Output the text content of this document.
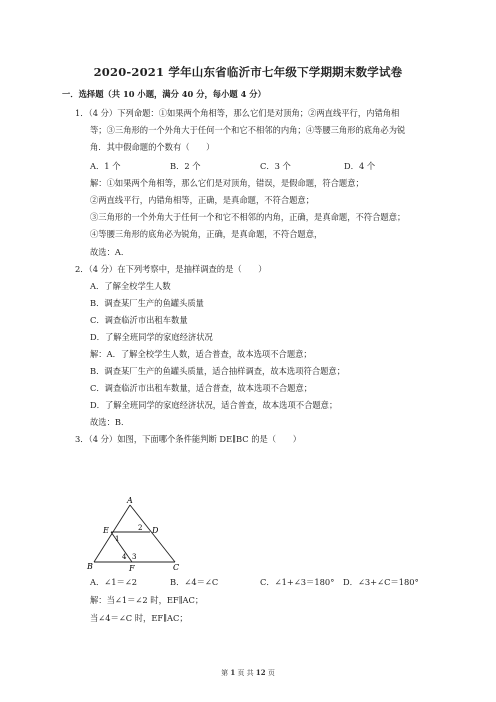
2020-2021 学年山东省临沂市七年级下学期期末数学试卷
一．选择题（共 10 小题，满分 40 分，每小题 4 分）
1．（4 分）下列命题：①如果两个角相等，那么它们是对顶角；②两直线平行，内错角相
等；③三角形的一个外角大于任何一个和它不相邻的内角；④等腰三角形的底角必为锐
角．其中假命题的个数有（　　）
A．1 个	B．2 个	C．3 个	D．4 个
解：①如果两个角相等，那么它们是对顶角，错误，是假命题，符合题意；
②两直线平行，内错角相等，正确，是真命题，不符合题意；
③三角形的一个外角大于任何一个和它不相邻的内角，正确，是真命题，不符合题意；
④等腰三角形的底角必为锐角，正确，是真命题，不符合题意，
故选：A．
2．（4 分）在下列考察中，是抽样调查的是（　　）
A．了解全校学生人数
B．调查某厂生产的鱼罐头质量
C．调查临沂市出租车数量
D．了解全班同学的家庭经济状况
解：A．了解全校学生人数，适合普查，故本选项不合题意；
B．调查某厂生产的鱼罐头质量，适合抽样调查，故本选项符合题意；
C．调查临沂市出租车数量，适合普查，故本选项不合题意；
D．了解全班同学的家庭经济状况，适合普查，故本选项不合题意；
故选：B．
3．（4 分）如图，下面哪个条件能判断 DE∥BC 的是（　　）
A
E	D
B	F	C
1
2
4 3
A．∠1＝∠2	B．∠4＝∠C	C．∠1+∠3＝180° D．∠3+∠C＝180°
解：当∠1＝∠2 时，EF∥AC；
当∠4＝∠C 时，EF∥AC；
第 1 页 共 12 页
